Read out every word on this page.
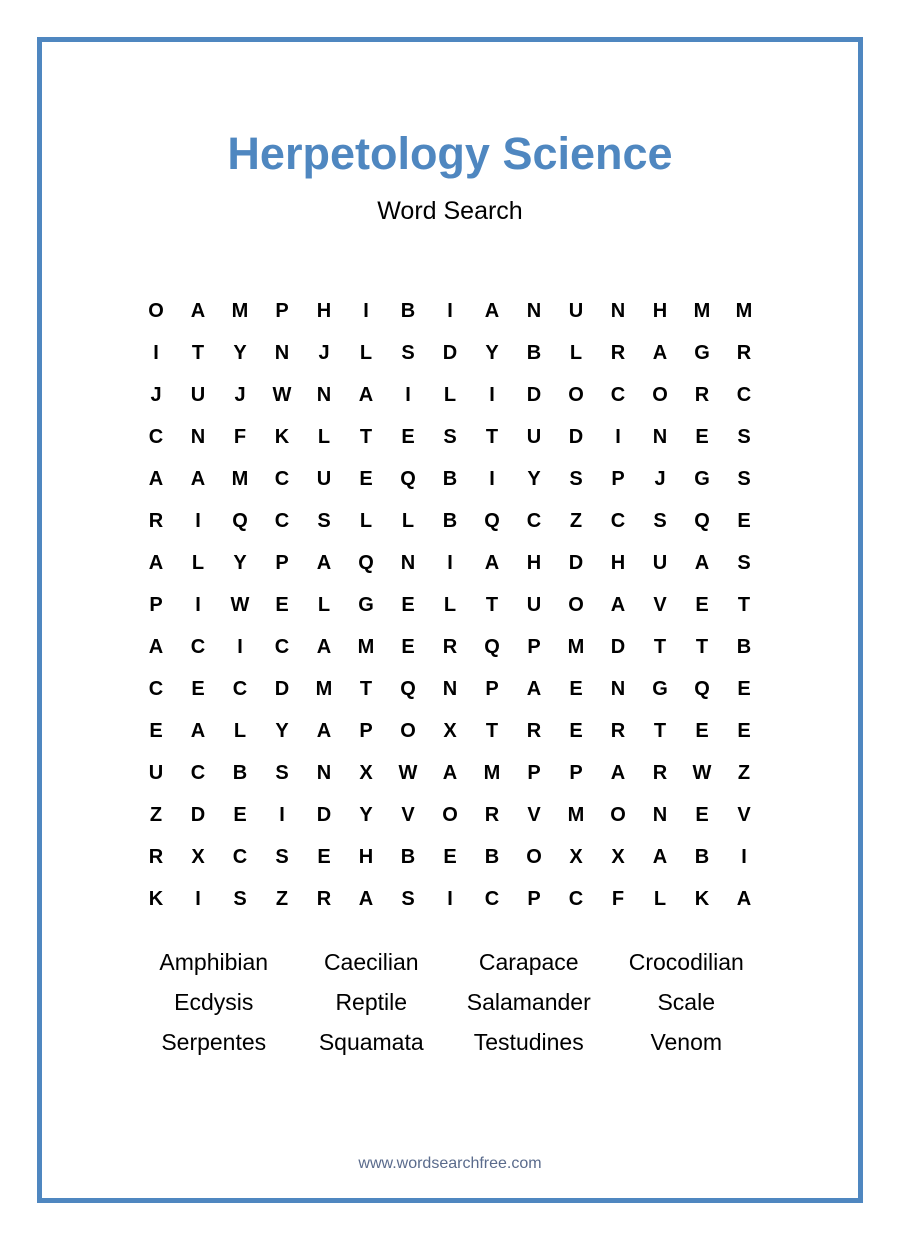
Herpetology Science
Word Search
O	A	M	P	H	I	B	I	A	N	U	N	H	M	M
I	T	Y	N	J	L	S	D	Y	B	L	R	A	G	R
J	U	J	W	N	A	I	L	I	D	O	C	O	R	C
C	N	F	K	L	T	E	S	T	U	D	I	N	E	S
A	A	M	C	U	E	Q	B	I	Y	S	P	J	G	S
R	I	Q	C	S	L	L	B	Q	C	Z	C	S	Q	E
A	L	Y	P	A	Q	N	I	A	H	D	H	U	A	S
P	I	W	E	L	G	E	L	T	U	O	A	V	E	T
A	C	I	C	A	M	E	R	Q	P	M	D	T	T	B
C	E	C	D	M	T	Q	N	P	A	E	N	G	Q	E
E	A	L	Y	A	P	O	X	T	R	E	R	T	E	E
U	C	B	S	N	X	W	A	M	P	P	A	R	W	Z
Z	D	E	I	D	Y	V	O	R	V	M	O	N	E	V
R	X	C	S	E	H	B	E	B	O	X	X	A	B	I
K	I	S	Z	R	A	S	I	C	P	C	F	L	K	A
Amphibian	Caecilian	Carapace	Crocodilian
Ecdysis	Reptile	Salamander	Scale
Serpentes	Squamata	Testudines	Venom
www.wordsearchfree.com
